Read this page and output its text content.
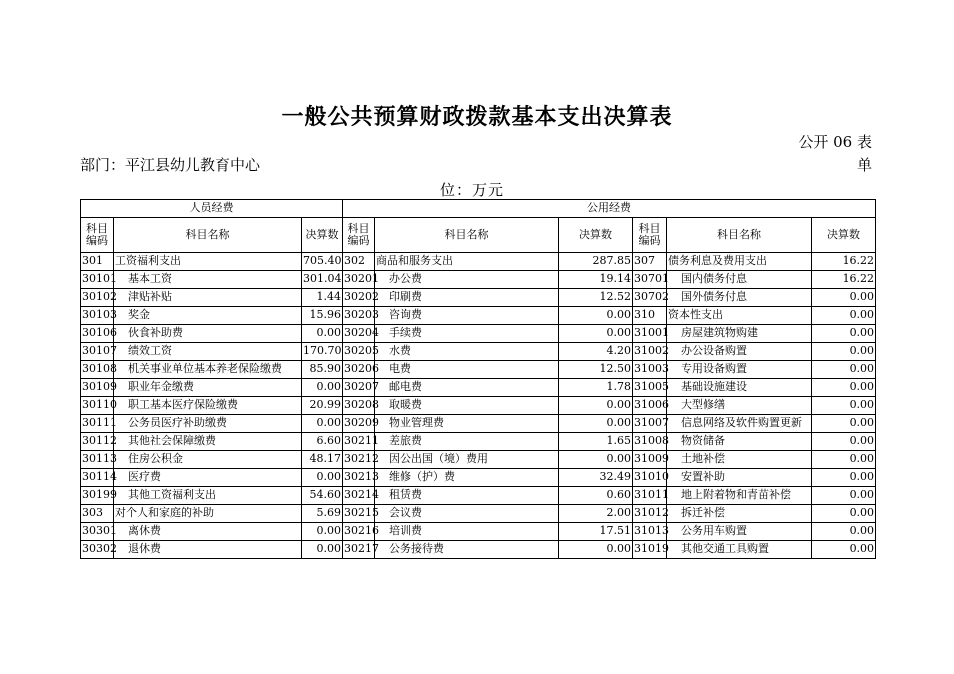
一般公共预算财政拨款基本支出决算表
公开 06 表
部门：平江县幼儿教育中心	单
位：万元
人员经费			公用经费					
科目编码	科目名称	决算数	科目编码	科目名称	决算数	科目编码	科目名称	决算数
301	工资福利支出	705.40	302	商品和服务支出	287.85	307	债务利息及费用支出	16.22
30101	基本工资	301.04	30201	办公费	19.14	30701	国内债务付息	16.22
30102	津贴补贴	1.44	30202	印刷费	12.52	30702	国外债务付息	0.00
30103	奖金	15.96	30203	咨询费	0.00	310	资本性支出	0.00
30106	伙食补助费	0.00	30204	手续费	0.00	31001	房屋建筑物购建	0.00
30107	绩效工资	170.70	30205	水费	4.20	31002	办公设备购置	0.00
30108	机关事业单位基本养老保险缴费	85.90	30206	电费	12.50	31003	专用设备购置	0.00
30109	职业年金缴费	0.00	30207	邮电费	1.78	31005	基础设施建设	0.00
30110	职工基本医疗保险缴费	20.99	30208	取暖费	0.00	31006	大型修缮	0.00
30111	公务员医疗补助缴费	0.00	30209	物业管理费	0.00	31007	信息网络及软件购置更新	0.00
30112	其他社会保障缴费	6.60	30211	差旅费	1.65	31008	物资储备	0.00
30113	住房公积金	48.17	30212	因公出国（境）费用	0.00	31009	土地补偿	0.00
30114	医疗费	0.00	30213	维修（护）费	32.49	31010	安置补助	0.00
30199	其他工资福利支出	54.60	30214	租赁费	0.60	31011	地上附着物和青苗补偿	0.00
303	对个人和家庭的补助	5.69	30215	会议费	2.00	31012	拆迁补偿	0.00
30301	离休费	0.00	30216	培训费	17.51	31013	公务用车购置	0.00
30302	退休费	0.00	30217	公务接待费	0.00	31019	其他交通工具购置	0.00
